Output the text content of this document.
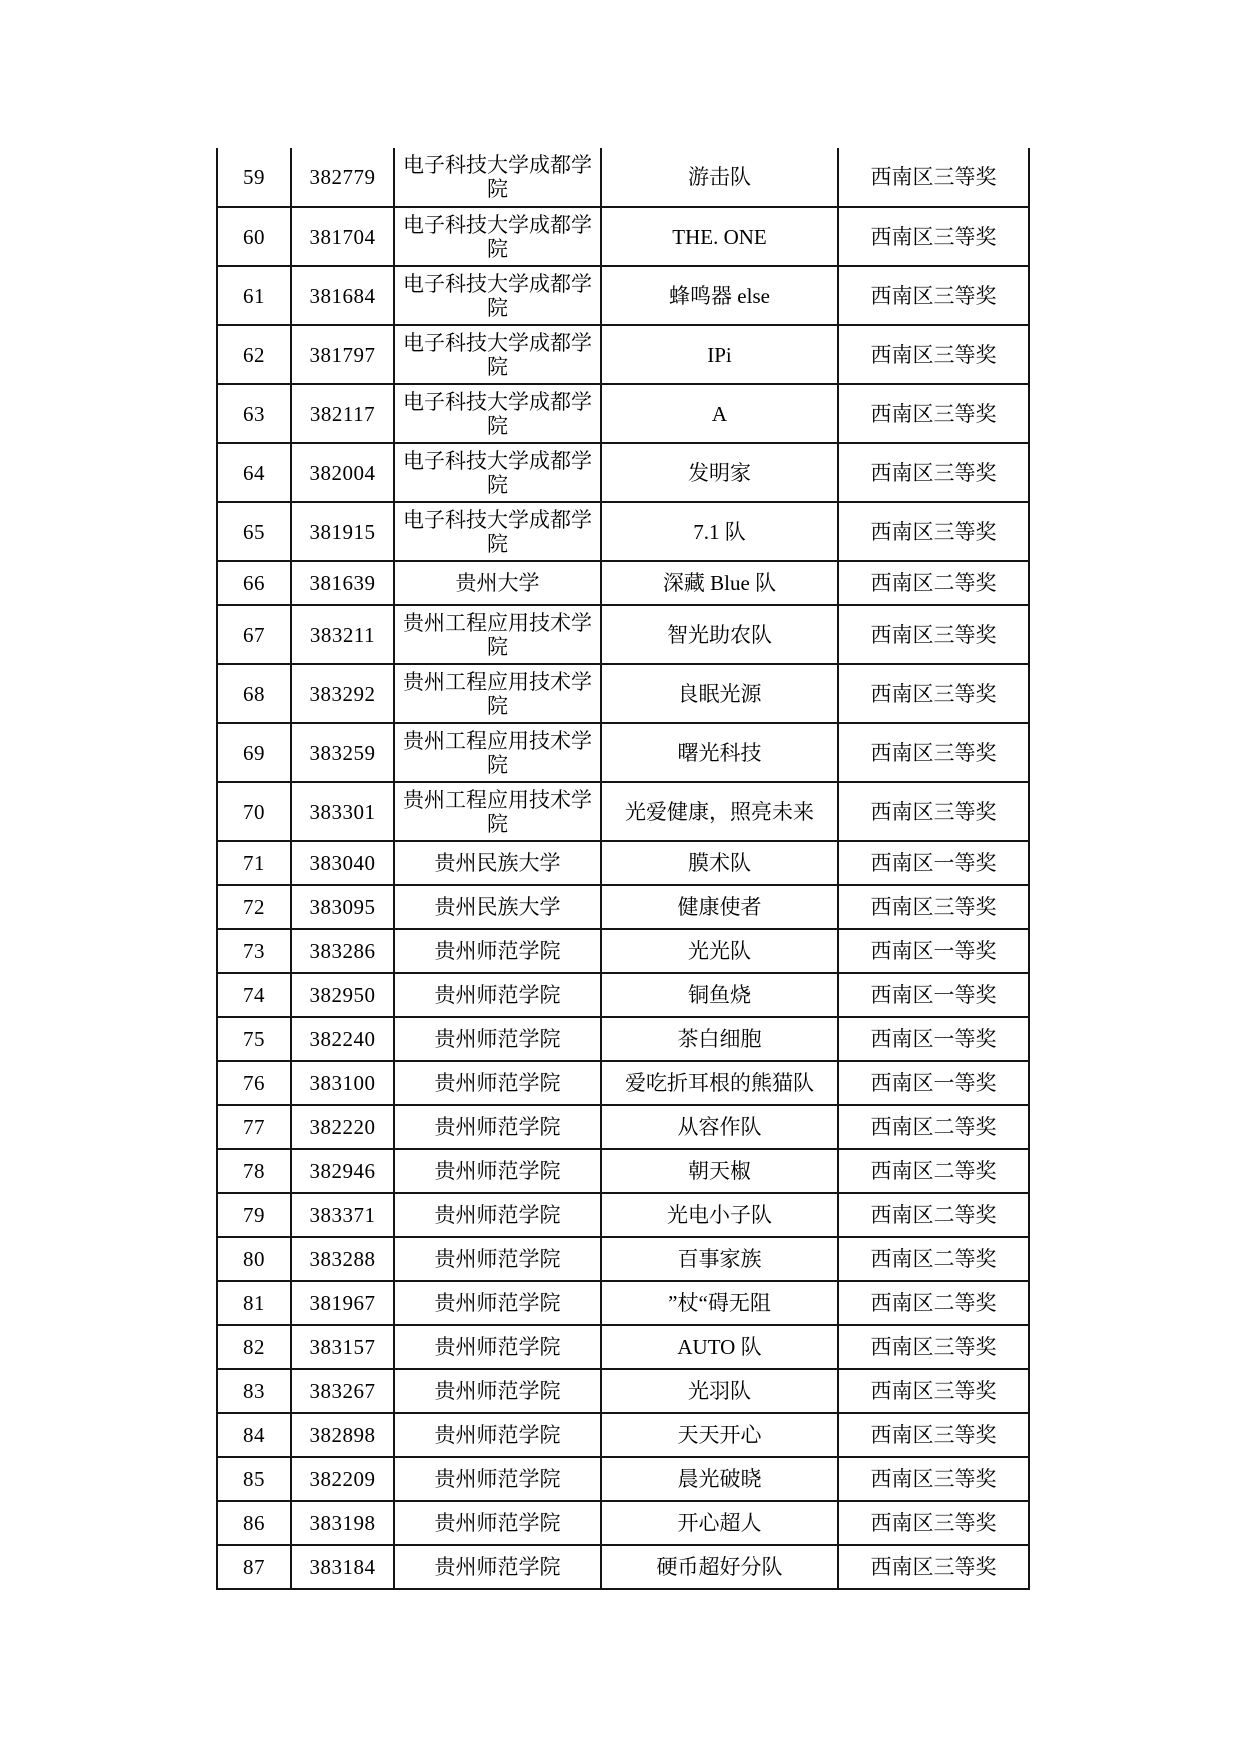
59	382779	电子科技大学成都学院	游击队	西南区三等奖
60	381704	电子科技大学成都学院	THE. ONE	西南区三等奖
61	381684	电子科技大学成都学院	蜂鸣器 else	西南区三等奖
62	381797	电子科技大学成都学院	IPi	西南区三等奖
63	382117	电子科技大学成都学院	A	西南区三等奖
64	382004	电子科技大学成都学院	发明家	西南区三等奖
65	381915	电子科技大学成都学院	7.1 队	西南区三等奖
66	381639	贵州大学	深藏 Blue 队	西南区二等奖
67	383211	贵州工程应用技术学院	智光助农队	西南区三等奖
68	383292	贵州工程应用技术学院	良眠光源	西南区三等奖
69	383259	贵州工程应用技术学院	曙光科技	西南区三等奖
70	383301	贵州工程应用技术学院	光爱健康，照亮未来	西南区三等奖
71	383040	贵州民族大学	膜术队	西南区一等奖
72	383095	贵州民族大学	健康使者	西南区三等奖
73	383286	贵州师范学院	光光队	西南区一等奖
74	382950	贵州师范学院	铜鱼烧	西南区一等奖
75	382240	贵州师范学院	茶白细胞	西南区一等奖
76	383100	贵州师范学院	爱吃折耳根的熊猫队	西南区一等奖
77	382220	贵州师范学院	从容作队	西南区二等奖
78	382946	贵州师范学院	朝天椒	西南区二等奖
79	383371	贵州师范学院	光电小子队	西南区二等奖
80	383288	贵州师范学院	百事家族	西南区二等奖
81	381967	贵州师范学院	”杖“碍无阻	西南区二等奖
82	383157	贵州师范学院	AUTO 队	西南区三等奖
83	383267	贵州师范学院	光羽队	西南区三等奖
84	382898	贵州师范学院	天天开心	西南区三等奖
85	382209	贵州师范学院	晨光破晓	西南区三等奖
86	383198	贵州师范学院	开心超人	西南区三等奖
87	383184	贵州师范学院	硬币超好分队	西南区三等奖
